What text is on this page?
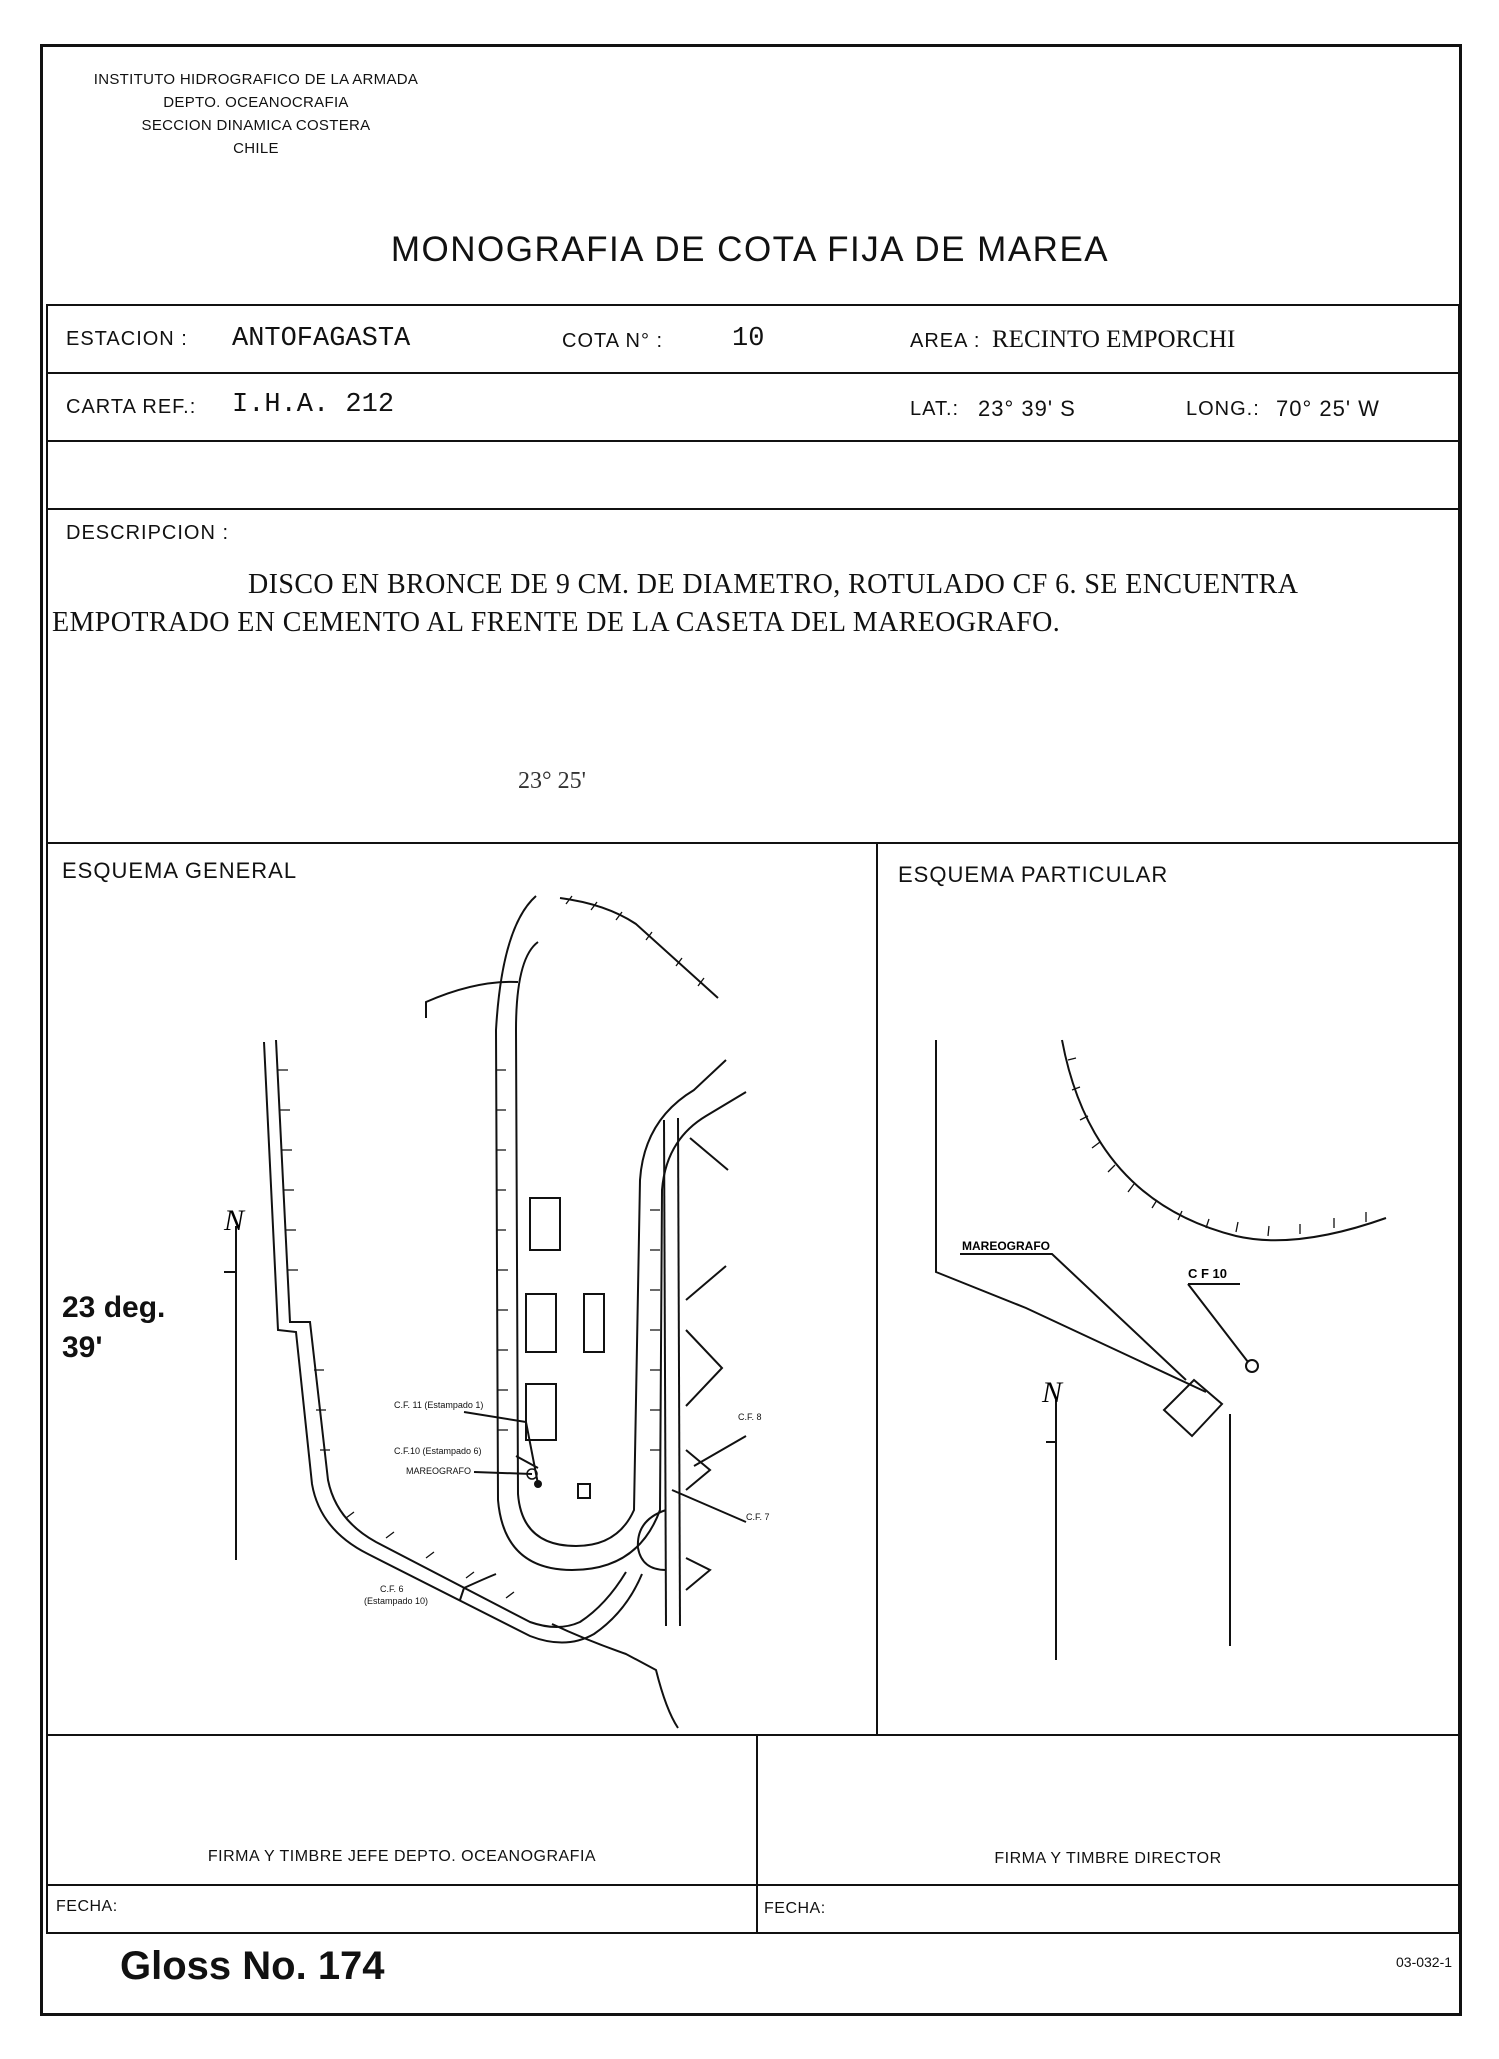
INSTITUTO HIDROGRAFICO DE LA ARMADA
DEPTO. OCEANOCRAFIA
SECCION DINAMICA COSTERA
CHILE
MONOGRAFIA DE COTA FIJA DE MAREA
ESTACION : ANTOFAGASTA	COTA N° :	10	AREA : RECINTO EMPORCHI
CARTA REF.: I.H.A. 212	LAT.: 23° 39' S	LONG.: 70° 25' W
DESCRIPCION :

DISCO EN BRONCE DE 9 CM. DE DIAMETRO, ROTULADO CF 6. SE ENCUENTRA EMPOTRADO EN CEMENTO AL FRENTE DE LA CASETA DEL MAREOGRAFO.

23° 25'
ESQUEMA GENERAL	ESQUEMA PARTICULAR
FIRMA Y TIMBRE JEFE DEPTO. OCEANOGRAFIA	FIRMA Y TIMBRE DIRECTOR
FECHA:	FECHA:
C.F. 11 (Estampado 1)
C.F.10 (Estampado 6)
MAREOGRAFO
C.F. 8
C.F. 7
C.F. 6
(Estampado 10)
N
MAREOGRAFO
C F 10
N
23 deg.
39'
Gloss No. 174	03-032-1
